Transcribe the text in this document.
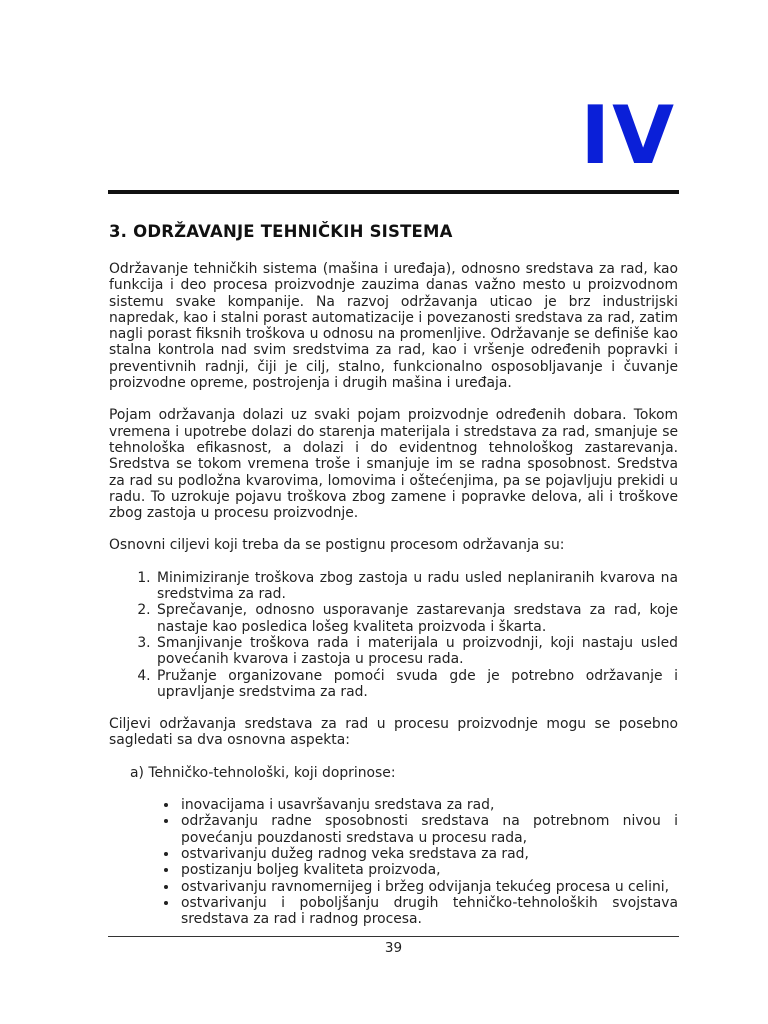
IV
3. ODRŽAVANJE TEHNIČKIH SISTEMA

Održavanje tehničkih sistema (mašina i uređaja), odnosno sredstava za rad, kao funkcija i deo procesa proizvodnje zauzima danas važno mesto u proizvodnom sistemu svake kompanije. Na razvoj održavanja uticao je brz industrijski napredak, kao i stalni porast automatizacije i povezanosti sredstava za rad, zatim nagli porast fiksnih troškova u odnosu na promenljive. Održavanje se definiše kao stalna kontrola nad svim sredstvima za rad, kao i vršenje određenih popravki i preventivnih radnji, čiji je cilj, stalno, funkcionalno osposobljavanje i čuvanje proizvodne opreme, postrojenja i drugih mašina i uređaja.

Pojam održavanja dolazi uz svaki pojam proizvodnje određenih dobara. Tokom vremena i upotrebe dolazi do starenja materijala i stredstava za rad, smanjuje se tehnološka efikasnost, a dolazi i do evidentnog tehnološkog zastarevanja. Sredstva se tokom vremena troše i smanjuje im se radna sposobnost. Sredstva za rad su podložna kvarovima, lomovima i oštećenjima, pa se pojavljuju prekidi u radu. To uzrokuje pojavu troškova zbog zamene i popravke delova, ali i troškove zbog zastoja u procesu proizvodnje.

Osnovni ciljevi koji treba da se postignu procesom održavanja su:

1. Minimiziranje troškova zbog zastoja u radu usled neplaniranih kvarova na sredstvima za rad.
2. Sprečavanje, odnosno usporavanje zastarevanja sredstava za rad, koje nastaje kao posledica lošeg kvaliteta proizvoda i škarta.
3. Smanjivanje troškova rada i materijala u proizvodnji, koji nastaju usled povećanih kvarova i zastoja u procesu rada.
4. Pružanje organizovane pomoći svuda gde je potrebno održavanje i upravljanje sredstvima za rad.

Ciljevi održavanja sredstava za rad u procesu proizvodnje mogu se posebno sagledati sa dva osnovna aspekta:

a) Tehničko-tehnološki, koji doprinose:

• inovacijama i usavršavanju sredstava za rad,
• održavanju radne sposobnosti sredstava na potrebnom nivou i povećanju pouzdanosti sredstava u procesu rada,
• ostvarivanju dužeg radnog veka sredstava za rad,
• postizanju boljeg kvaliteta proizvoda,
• ostvarivanju ravnomernijeg i bržeg odvijanja tekućeg procesa u celini,
• ostvarivanju i poboljšanju drugih tehničko-tehnoloških svojstava sredstava za rad i radnog procesa.
39
